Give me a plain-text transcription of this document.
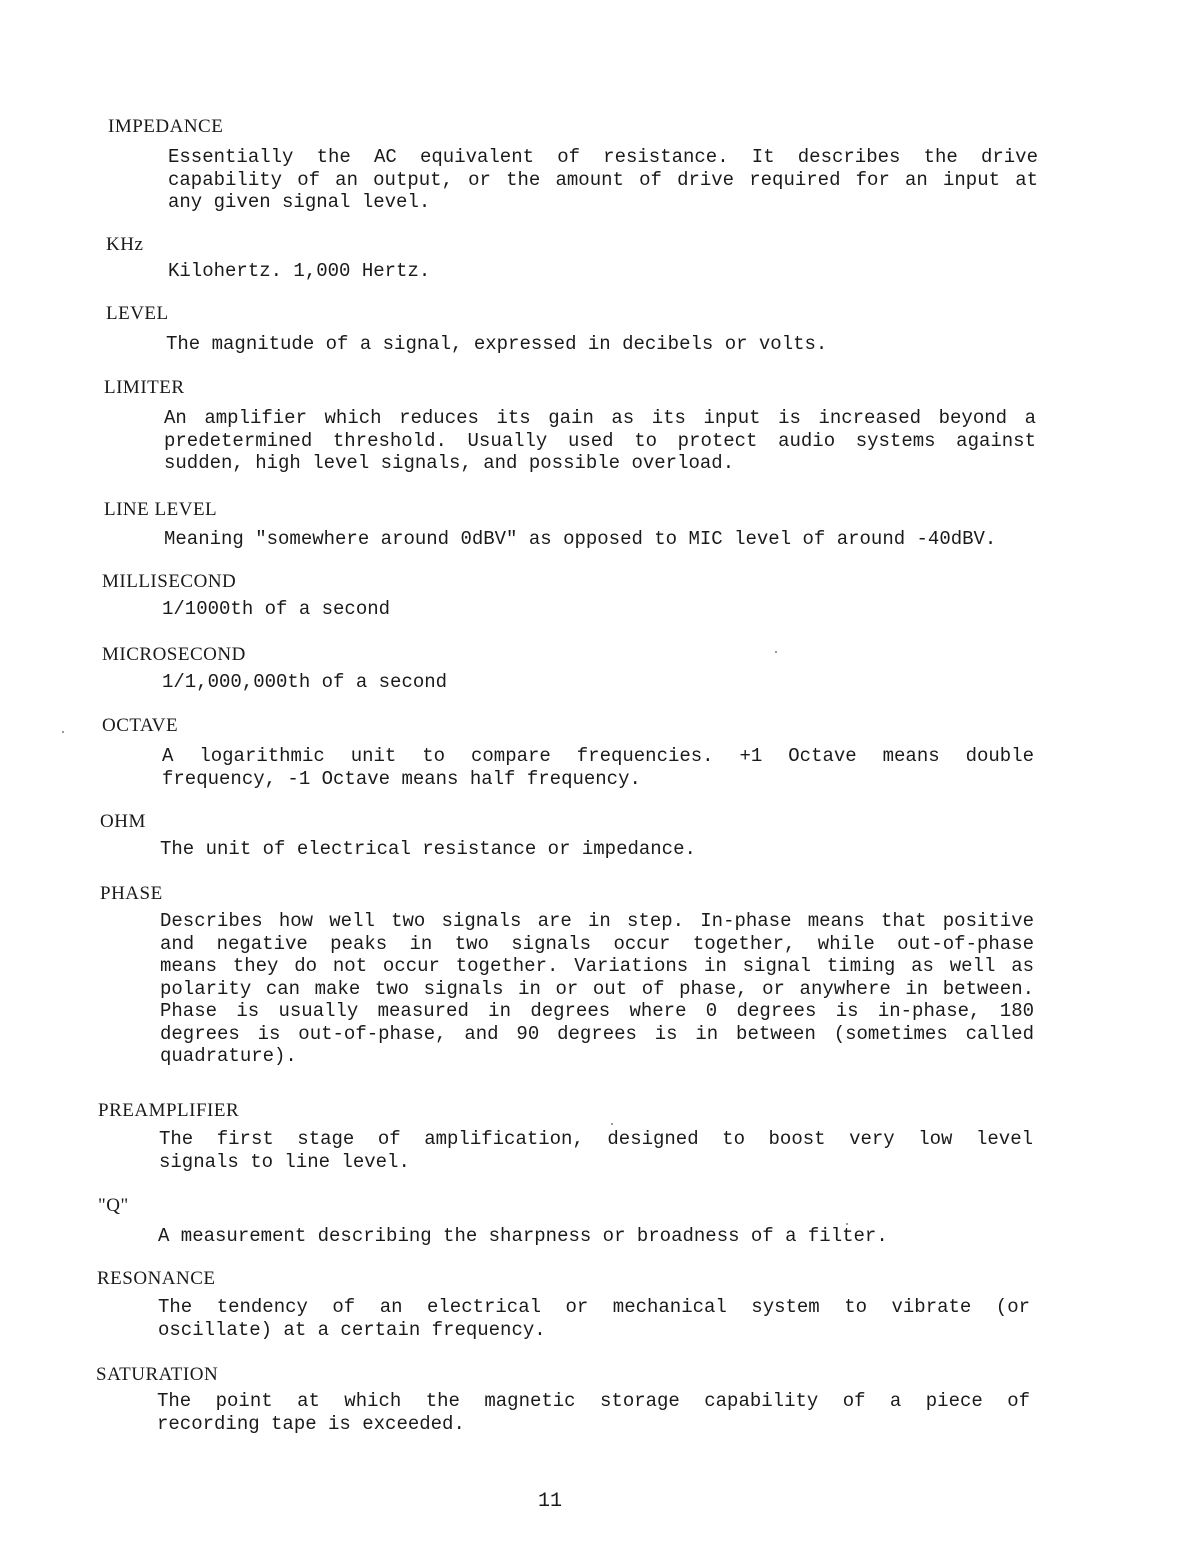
IMPEDANCE
Essentially the AC equivalent of resistance. It describes the drive
capability of an output, or the amount of drive required for an input at
any given signal level.
KHz
Kilohertz. 1,000 Hertz.
LEVEL
The magnitude of a signal, expressed in decibels or volts.
LIMITER
An amplifier which reduces its gain as its input is increased beyond a
predetermined threshold. Usually used to protect audio systems against
sudden, high level signals, and possible overload.
LINE LEVEL
Meaning "somewhere around 0dBV" as opposed to MIC level of around -40dBV.
MILLISECOND
1/1000th of a second
MICROSECOND
1/1,000,000th of a second
OCTAVE
A logarithmic unit to compare frequencies. +1 Octave means double
frequency, -1 Octave means half frequency.
OHM
The unit of electrical resistance or impedance.
PHASE
Describes how well two signals are in step. In-phase means that positive
and negative peaks in two signals occur together, while out-of-phase
means they do not occur together. Variations in signal timing as well as
polarity can make two signals in or out of phase, or anywhere in between.
Phase is usually measured in degrees where 0 degrees is in-phase, 180
degrees is out-of-phase, and 90 degrees is in between (sometimes called
quadrature).
PREAMPLIFIER
The first stage of amplification, designed to boost very low level
signals to line level.
"Q"
A measurement describing the sharpness or broadness of a filter.
RESONANCE
The tendency of an electrical or mechanical system to vibrate (or
oscillate) at a certain frequency.
SATURATION
The point at which the magnetic storage capability of a piece of
recording tape is exceeded.
11
